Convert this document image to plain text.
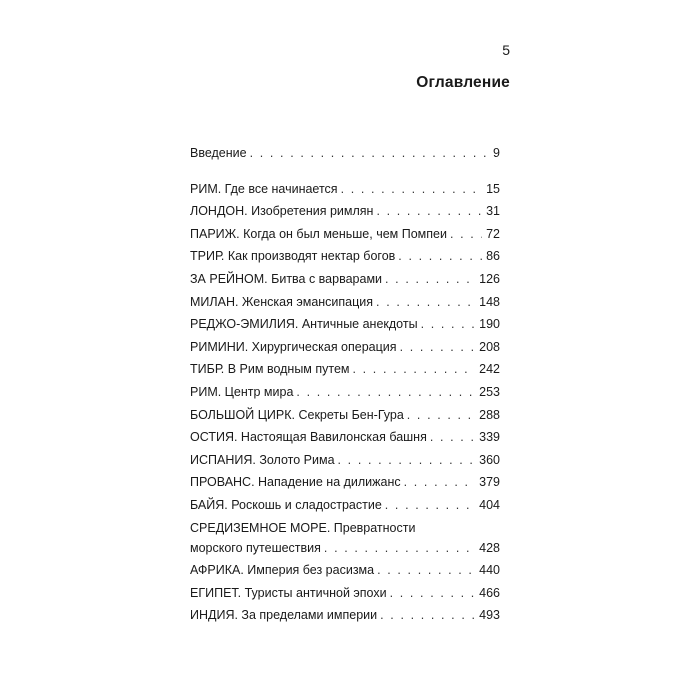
5
Оглавление
Введение . . .	9
РИМ. Где все начинается . . .	15
ЛОНДОН. Изобретения римлян . . .	31
ПАРИЖ. Когда он был меньше, чем Помпеи . . .	72
ТРИР. Как производят нектар богов . . .	86
ЗА РЕЙНОМ. Битва с варварами . . .	126
МИЛАН. Женская эмансипация . . .	148
РЕДЖО-ЭМИЛИЯ. Античные анекдоты . . .	190
РИМИНИ. Хирургическая операция . . .	208
ТИБР. В Рим водным путем . . .	242
РИМ. Центр мира . . .	253
БОЛЬШОЙ ЦИРК. Секреты Бен-Гура . . .	288
ОСТИЯ. Настоящая Вавилонская башня . . .	339
ИСПАНИЯ. Золото Рима . . .	360
ПРОВАНС. Нападение на дилижанс . . .	379
БАЙЯ. Роскошь и сладострастие . . .	404
СРЕДИЗЕМНОЕ МОРЕ. Превратности
морского путешествия . . .	428
АФРИКА. Империя без расизма . . .	440
ЕГИПЕТ. Туристы античной эпохи . . .	466
ИНДИЯ. За пределами империи . . .	493
